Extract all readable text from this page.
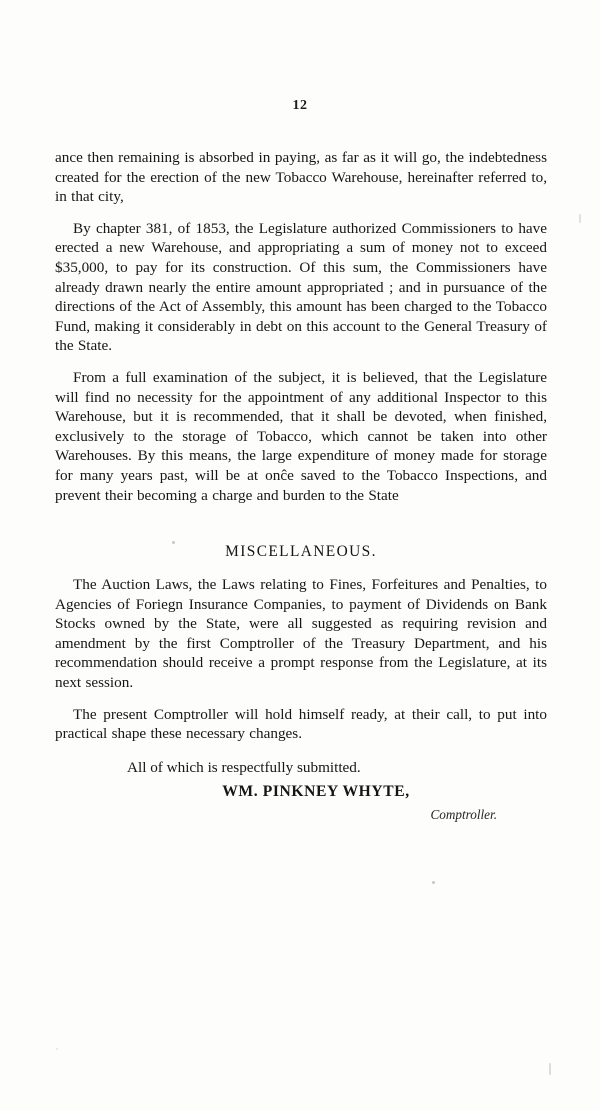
12

ance then remaining is absorbed in paying, as far as it will go, the indebtedness created for the erection of the new Tobacco Warehouse, hereinafter referred to, in that city,

By chapter 381, of 1853, the Legislature authorized Commissioners to have erected a new Warehouse, and appropriating a sum of money not to exceed $35,000, to pay for its construction. Of this sum, the Commissioners have already drawn nearly the entire amount appropriated ; and in pursuance of the directions of the Act of Assembly, this amount has been charged to the Tobacco Fund, making it considerably in debt on this account to the General Treasury of the State.

From a full examination of the subject, it is believed, that the Legislature will find no necessity for the appointment of any additional Inspector to this Warehouse, but it is recommended, that it shall be devoted, when finished, exclusively to the storage of Tobacco, which cannot be taken into other Warehouses. By this means, the large expenditure of money made for storage for many years past, will be at onĉe saved to the Tobacco Inspections, and prevent their becoming a charge and burden to the State

MISCELLANEOUS.

The Auction Laws, the Laws relating to Fines, Forfeitures and Penalties, to Agencies of Foriegn Insurance Companies, to payment of Dividends on Bank Stocks owned by the State, were all suggested as requiring revision and amendment by the first Comptroller of the Treasury Department, and his recommendation should receive a prompt response from the Legislature, at its next session.

The present Comptroller will hold himself ready, at their call, to put into practical shape these necessary changes.

All of which is respectfully submitted.

WM. PINKNEY WHYTE,

Comptroller.
